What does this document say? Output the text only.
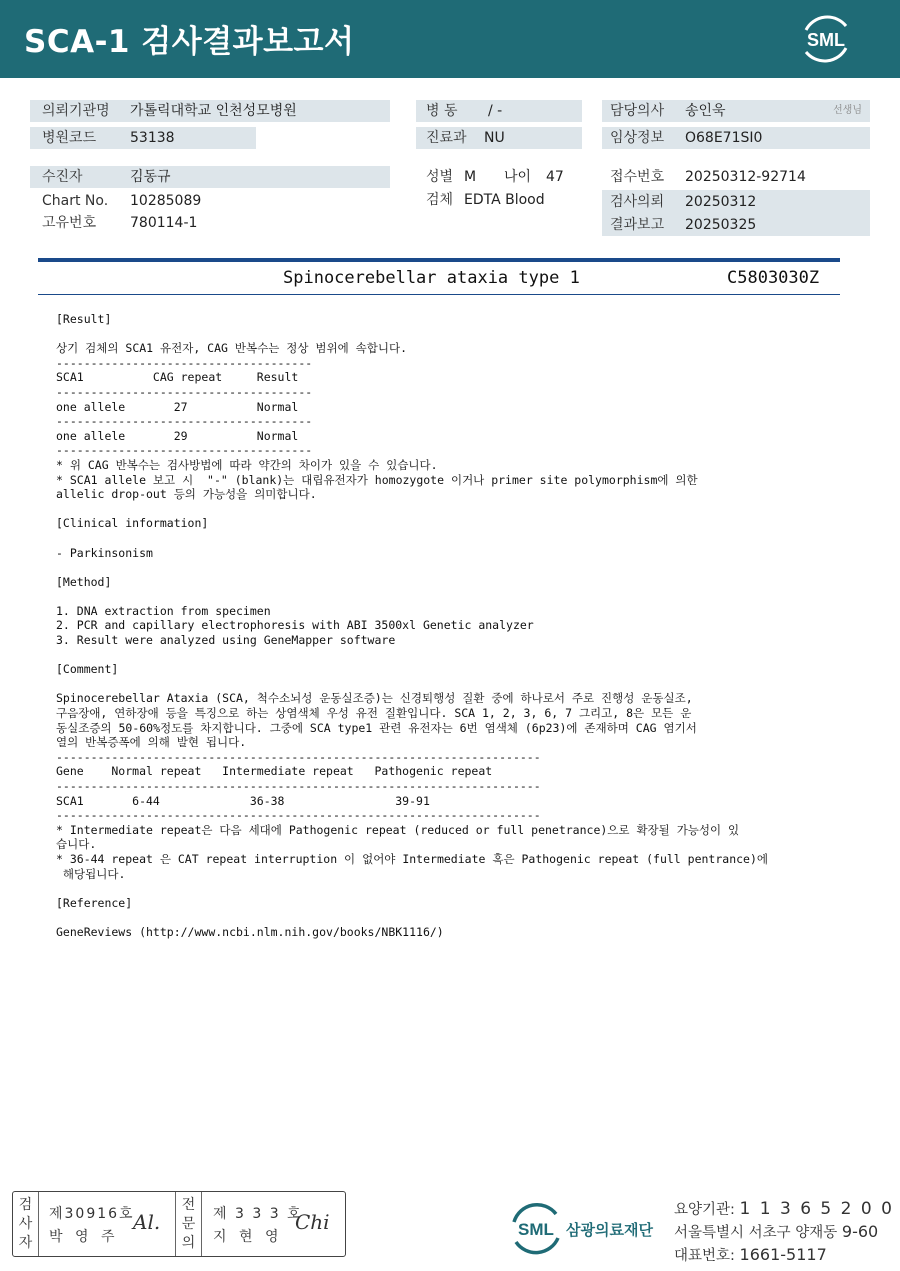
SCA-1 검사결과보고서	SML
의뢰기관명 가톨릭대학교 인천성모병원	병 동 / -	담당의사 송인욱	선생님
병원코드 53138	진료과 NU	임상정보 O68E71SI0
수진자	김동규	성별 M 나이 47	접수번호 20250312-92714
Chart No. 10285089	검체 EDTA Blood	검사의뢰 20250312
결과보고 20250325
고유번호 780114-1
Spinocerebellar ataxia type 1	C5803030Z
[Result]

상기 검체의 SCA1 유전자, CAG 반복수는 정상 범위에 속합니다.
-------------------------------------
SCA1          CAG repeat     Result
-------------------------------------
one allele       27          Normal
-------------------------------------
one allele       29          Normal
-------------------------------------
* 위 CAG 반복수는 검사방법에 따라 약간의 차이가 있을 수 있습니다.
* SCA1 allele 보고 시  "-" (blank)는 대립유전자가 homozygote 이거나 primer site polymorphism에 의한
allelic drop-out 등의 가능성을 의미합니다.

[Clinical information]

- Parkinsonism

[Method]

1. DNA extraction from specimen
2. PCR and capillary electrophoresis with ABI 3500xl Genetic analyzer
3. Result were analyzed using GeneMapper software

[Comment]

Spinocerebellar Ataxia (SCA, 척수소뇌성 운동실조증)는 신경퇴행성 질환 중에 하나로서 주로 진행성 운동실조,
구음장애, 연하장애 등을 특징으로 하는 상염색체 우성 유전 질환입니다. SCA 1, 2, 3, 6, 7 그리고, 8은 모든 운
동실조증의 50-60%정도를 차지합니다. 그중에 SCA type1 관련 유전자는 6번 염색체 (6p23)에 존재하며 CAG 염기서
열의 반복증폭에 의해 발현 됩니다.
----------------------------------------------------------------------
Gene    Normal repeat   Intermediate repeat   Pathogenic repeat
----------------------------------------------------------------------
SCA1       6-44             36-38                39-91
----------------------------------------------------------------------
* Intermediate repeat은 다음 세대에 Pathogenic repeat (reduced or full penetrance)으로 확장될 가능성이 있
습니다.
* 36-44 repeat 은 CAT repeat interruption 이 없어야 Intermediate 혹은 Pathogenic repeat (full pentrance)에
해당됩니다.

[Reference]

GeneReviews (http://www.ncbi.nlm.nih.gov/books/NBK1116/)
검
사
자
제30916호
박 영 주
Al.
전
문
의
제 3 3 3 호
지 현 영
Chi	SML 삼광의료재단
요양기관: 1 1 3 6 5 2 0 0
서울특별시 서초구 양재동 9-60
대표번호: 1661-5117
